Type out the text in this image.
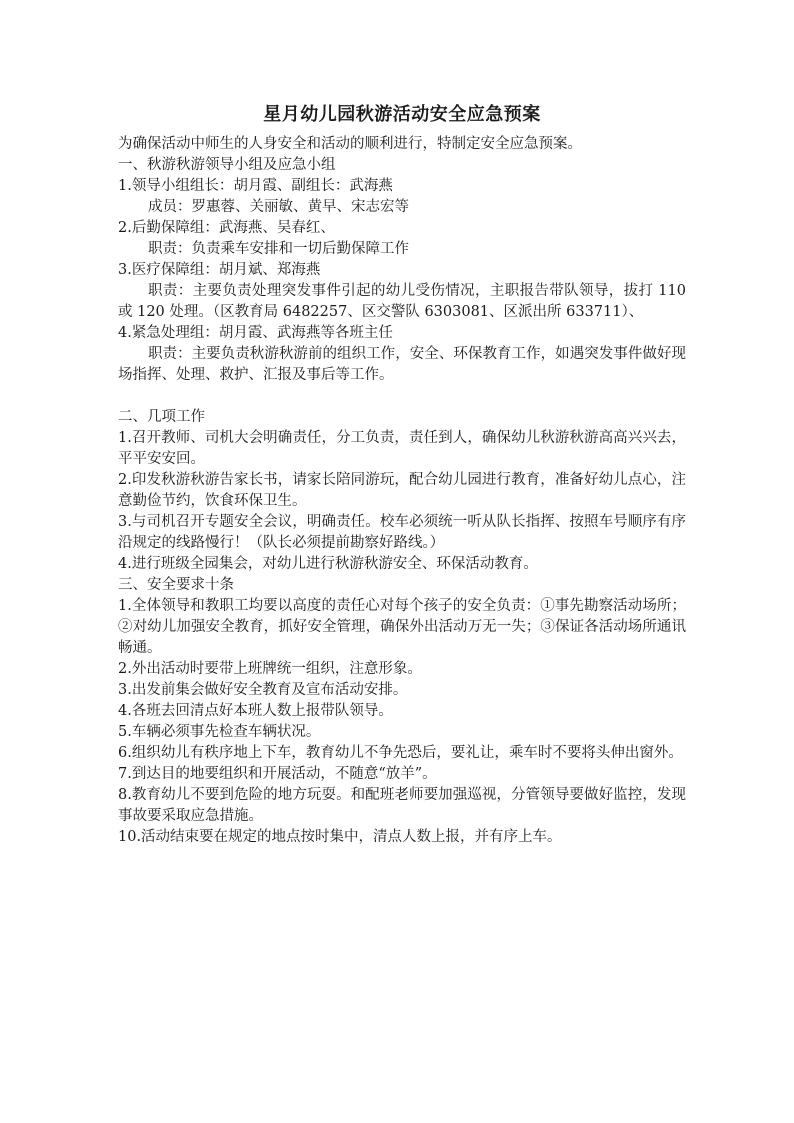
星月幼儿园秋游活动安全应急预案
为确保活动中师生的人身安全和活动的顺利进行，特制定安全应急预案。
一、秋游秋游领导小组及应急小组
1.领导小组组长：胡月霞、副组长：武海燕
成员：罗惠蓉、关丽敏、黄早、宋志宏等
2.后勤保障组：武海燕、吴春红、
职责：负责乘车安排和一切后勤保障工作
3.医疗保障组：胡月斌、郑海燕
职责：主要负责处理突发事件引起的幼儿受伤情况，主职报告带队领导，拔打 110 或 120 处理。（区教育局 6482257、区交警队 6303081、区派出所 633711）、
4.紧急处理组：胡月霞、武海燕等各班主任
职责：主要负责秋游秋游前的组织工作，安全、环保教育工作，如遇突发事件做好现场指挥、处理、救护、汇报及事后等工作。
二、几项工作
1.召开教师、司机大会明确责任，分工负责，责任到人，确保幼儿秋游秋游高高兴兴去，平平安安回。
2.印发秋游秋游告家长书，请家长陪同游玩，配合幼儿园进行教育，准备好幼儿点心，注意勤俭节约，饮食环保卫生。
3.与司机召开专题安全会议，明确责任。校车必须统一听从队长指挥、按照车号顺序有序沿规定的线路慢行！（队长必须提前勘察好路线。）
4.进行班级全园集会，对幼儿进行秋游秋游安全、环保活动教育。
三、安全要求十条
1.全体领导和教职工均要以高度的责任心对每个孩子的安全负责：①事先勘察活动场所；②对幼儿加强安全教育，抓好安全管理，确保外出活动万无一失；③保证各活动场所通讯畅通。
2.外出活动时要带上班牌统一组织，注意形象。
3.出发前集会做好安全教育及宣布活动安排。
4.各班去回清点好本班人数上报带队领导。
5.车辆必须事先检查车辆状况。
6.组织幼儿有秩序地上下车，教育幼儿不争先恐后，要礼让，乘车时不要将头伸出窗外。
7.到达目的地要组织和开展活动，不随意“放羊”。
8.教育幼儿不要到危险的地方玩耍。和配班老师要加强巡视，分管领导要做好监控，发现事故要采取应急措施。
10.活动结束要在规定的地点按时集中，清点人数上报，并有序上车。
